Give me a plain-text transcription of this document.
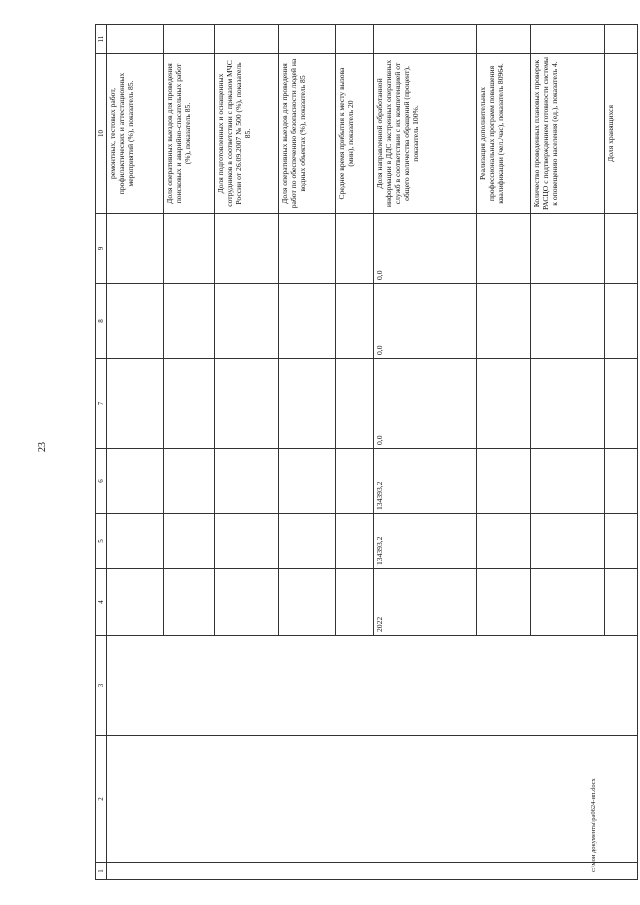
23
1	2	3	4	5	6	7	8	9	10	11
									ремонтных, тестовых работ, профилактических и аттестационных мероприятий (%), показатель 85.	
									Доля оперативных выездов для проведения поисковых и аварийно-спасательных работ (%), показатель 85.	
									Доля подготовленных и оснащенных сотрудников в соответствии с приказом МЧС России от 26.09.2007 № 500 (%), показатель 85.	
									Доля оперативных выездов для проведения работ по обеспечению безопасности людей на водных объектах (%), показатель 85	
									Среднее время прибытия к месту вызова (мин), показатель 20	
			2022	134393,2	134393,2	0,0	0,0	0,0	Доля направленной обработанной информации в ДДС экстренных оперативных служб в соответствии с их компетенцией от общего количества обращений (процент), показатель 100%.	
									Реализация дополнительных профессиональных программ повышения квалификации (чел./час), показатель 80964.	
									Количество проведенных плановых проверок РАСЦО с подтверждением готовности системы к оповещению населения (ед.), показатель 4.	
									Доля хранящихся	
с:\мои документы\ра0624-ип.docx
